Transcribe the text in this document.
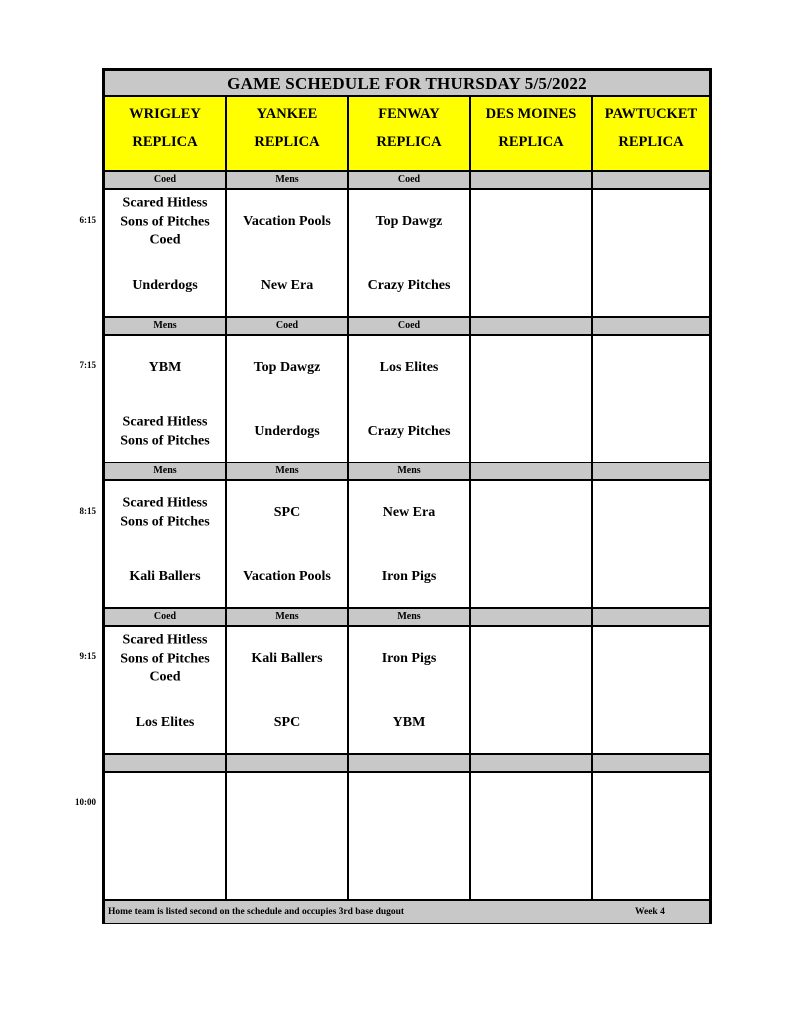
GAME SCHEDULE FOR THURSDAY 5/5/2022
WRIGLEY
REPLICA
YANKEE
REPLICA
FENWAY
REPLICA
DES MOINES
REPLICA
PAWTUCKET
REPLICA
Coed
Scared Hitless
Sons of Pitches
Coed
Underdogs
Mens
Vacation Pools
New Era
Coed
Top Dawgz
Crazy Pitches
Mens
YBM
Scared Hitless
Sons of Pitches
Coed
Top Dawgz
Underdogs
Coed
Los Elites
Crazy Pitches
Mens
Scared Hitless
Sons of Pitches
Kali Ballers
Mens
SPC
Vacation Pools
Mens
New Era
Iron Pigs
Coed
Scared Hitless
Sons of Pitches
Coed
Los Elites
Mens
Kali Ballers
SPC
Mens
Iron Pigs
YBM
Home team is listed second on the schedule and occupies 3rd base dugout	Week 4
6:15
7:15
8:15
9:15
10:00
